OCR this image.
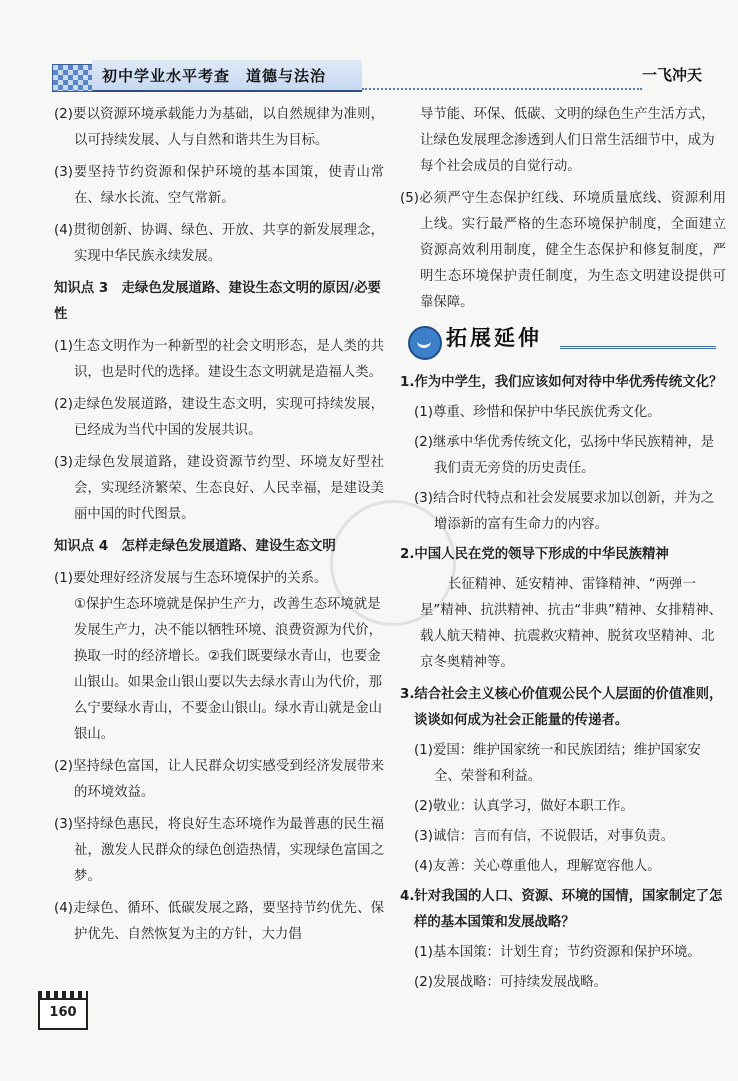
初中学业水平考查　道德与法治	一飞冲天

(2)要以资源环境承载能力为基础，以自然规律为准则，以可持续发展、人与自然和谐共生为目标。

(3)要坚持节约资源和保护环境的基本国策，使青山常在、绿水长流、空气常新。

(4)贯彻创新、协调、绿色、开放、共享的新发展理念，实现中华民族永续发展。

知识点 3　走绿色发展道路、建设生态文明的原因/必要性

(1)生态文明作为一种新型的社会文明形态，是人类的共识，也是时代的选择。建设生态文明就是造福人类。

(2)走绿色发展道路，建设生态文明，实现可持续发展，已经成为当代中国的发展共识。

(3)走绿色发展道路，建设资源节约型、环境友好型社会，实现经济繁荣、生态良好、人民幸福，是建设美丽中国的时代图景。

知识点 4　怎样走绿色发展道路、建设生态文明

(1)要处理好经济发展与生态环境保护的关系。

①保护生态环境就是保护生产力，改善生态环境就是发展生产力，决不能以牺牲环境、浪费资源为代价，换取一时的经济增长。②我们既要绿水青山，也要金山银山。如果金山银山要以失去绿水青山为代价，那么宁要绿水青山，不要金山银山。绿水青山就是金山银山。

(2)坚持绿色富国，让人民群众切实感受到经济发展带来的环境效益。

(3)坚持绿色惠民，将良好生态环境作为最普惠的民生福祉，激发人民群众的绿色创造热情，实现绿色富国之梦。

(4)走绿色、循环、低碳发展之路，要坚持节约优先、保护优先、自然恢复为主的方针，大力倡

导节能、环保、低碳、文明的绿色生产生活方式，让绿色发展理念渗透到人们日常生活细节中，成为每个社会成员的自觉行动。

(5)必须严守生态保护红线、环境质量底线、资源利用上线。实行最严格的生态环境保护制度，全面建立资源高效利用制度，健全生态保护和修复制度，严明生态环境保护责任制度，为生态文明建设提供可靠保障。

拓展延伸

1.作为中学生，我们应该如何对待中华优秀传统文化？

(1)尊重、珍惜和保护中华民族优秀文化。

(2)继承中华优秀传统文化，弘扬中华民族精神，是我们责无旁贷的历史责任。

(3)结合时代特点和社会发展要求加以创新，并为之增添新的富有生命力的内容。

2.中国人民在党的领导下形成的中华民族精神

长征精神、延安精神、雷锋精神、“两弹一星”精神、抗洪精神、抗击“非典”精神、女排精神、载人航天精神、抗震救灾精神、脱贫攻坚精神、北京冬奥精神等。

3.结合社会主义核心价值观公民个人层面的价值准则，谈谈如何成为社会正能量的传递者。

(1)爱国：维护国家统一和民族团结；维护国家安全、荣誉和利益。

(2)敬业：认真学习，做好本职工作。

(3)诚信：言而有信，不说假话，对事负责。

(4)友善：关心尊重他人，理解宽容他人。

4.针对我国的人口、资源、环境的国情，国家制定了怎样的基本国策和发展战略？

(1)基本国策：计划生育；节约资源和保护环境。

(2)发展战略：可持续发展战略。

160
